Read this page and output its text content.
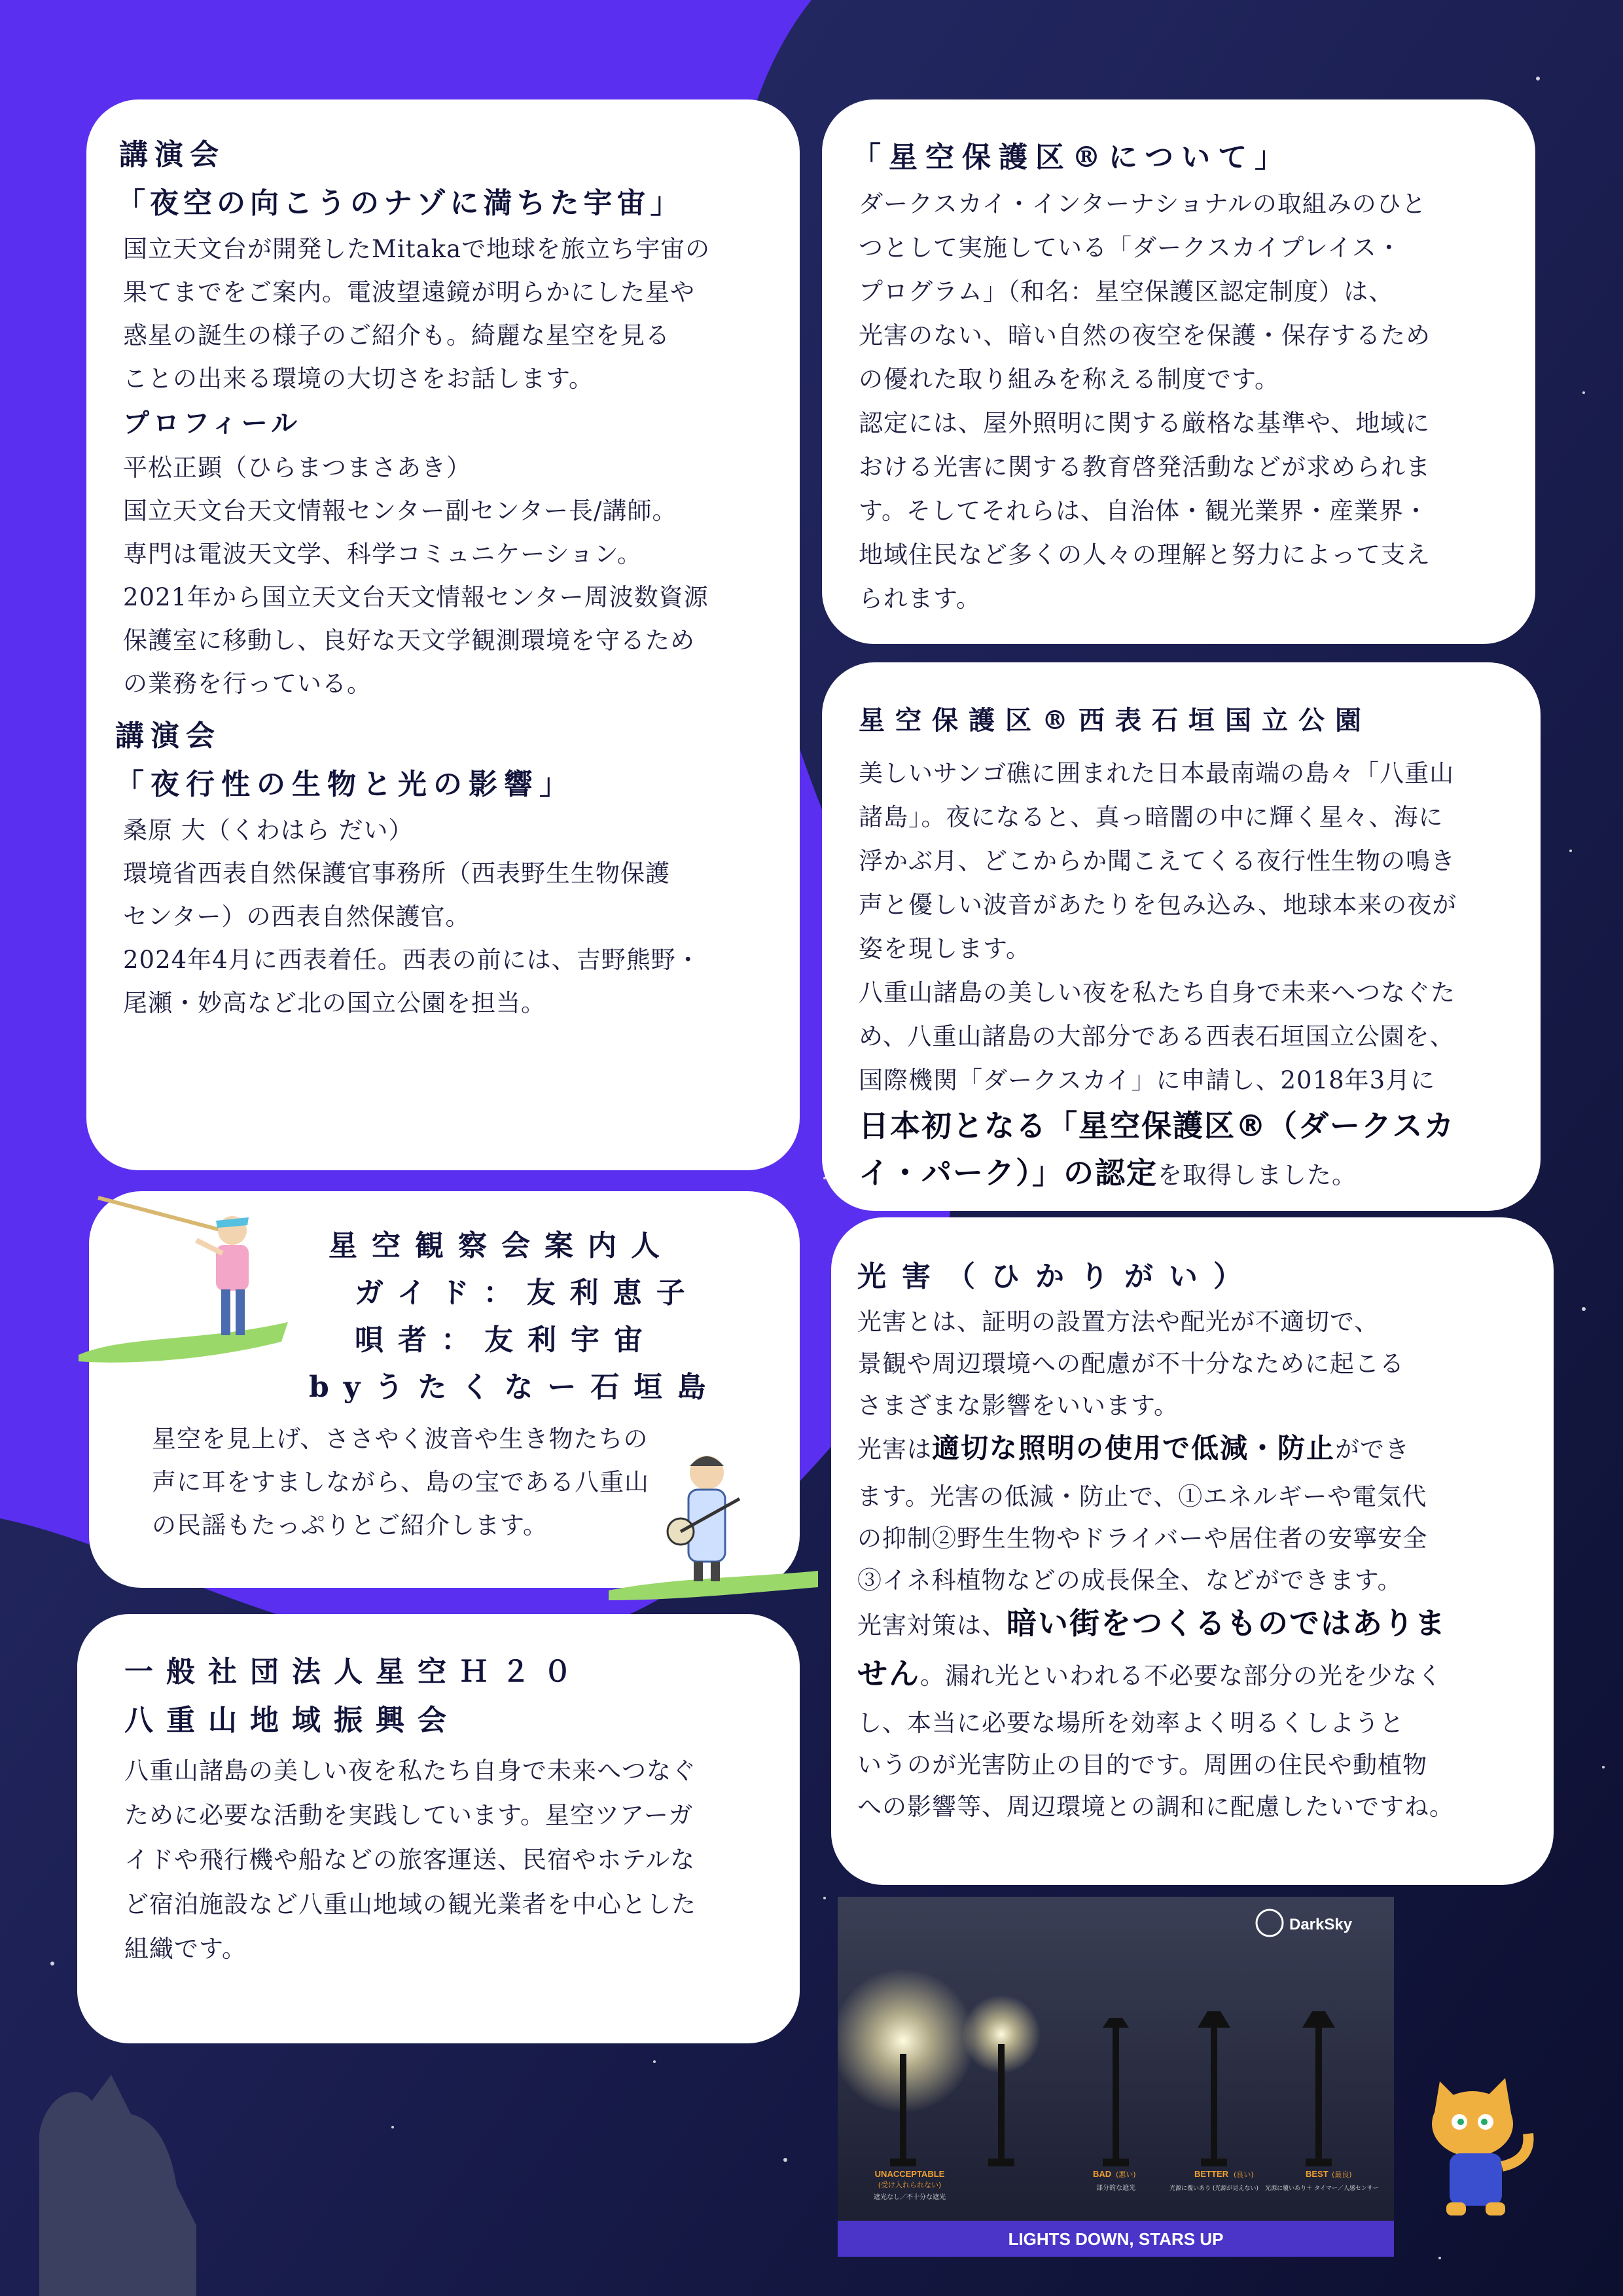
講演会
「夜空の向こうのナゾに満ちた宇宙」
国立天文台が開発したMitakaで地球を旅立ち宇宙の
果てまでをご案内。電波望遠鏡が明らかにした星や
惑星の誕生の様子のご紹介も。綺麗な星空を見る
ことの出来る環境の大切さをお話します。
プロフィール
平松正顕（ひらまつまさあき）
国立天文台天文情報センター副センター長/講師。
専門は電波天文学、科学コミュニケーション。
2021年から国立天文台天文情報センター周波数資源
保護室に移動し、良好な天文学観測環境を守るため
の業務を行っている。
講演会
「夜行性の生物と光の影響」
桑原 大（くわはら だい）
環境省西表自然保護官事務所（西表野生生物保護
センター）の西表自然保護官。
2024年4月に西表着任。西表の前には、吉野熊野・
尾瀬・妙高など北の国立公園を担当。
星空観察会案内人
ガイド：友利恵子
唄者：友利宇宙
byうたくなー石垣島
星空を見上げ、ささやく波音や生き物たちの
声に耳をすましながら、島の宝である八重山
の民謡もたっぷりとご紹介します。
一般社団法人星空Ｈ２０
八重山地域振興会
八重山諸島の美しい夜を私たち自身で未来へつなぐ
ために必要な活動を実践しています。星空ツアーガ
イドや飛行機や船などの旅客運送、民宿やホテルな
ど宿泊施設など八重山地域の観光業者を中心とした
組織です。
「星空保護区®について」
ダークスカイ・インターナショナルの取組みのひと
つとして実施している「ダークスカイプレイス・
プログラム」（和名：星空保護区認定制度）は、
光害のない、暗い自然の夜空を保護・保存するため
の優れた取り組みを称える制度です。
認定には、屋外照明に関する厳格な基準や、地域に
おける光害に関する教育啓発活動などが求められま
す。そしてそれらは、自治体・観光業界・産業界・
地域住民など多くの人々の理解と努力によって支え
られます。
星空保護区®西表石垣国立公園
美しいサンゴ礁に囲まれた日本最南端の島々「八重山
諸島」。夜になると、真っ暗闇の中に輝く星々、海に
浮かぶ月、どこからか聞こえてくる夜行性生物の鳴き
声と優しい波音があたりを包み込み、地球本来の夜が
姿を現します。
八重山諸島の美しい夜を私たち自身で未来へつなぐた
め、八重山諸島の大部分である西表石垣国立公園を、
国際機関「ダークスカイ」に申請し、2018年3月に
日本初となる「星空保護区®（ダークスカ
イ・パーク）」の認定を取得しました。
光害（ひかりがい）
光害とは、証明の設置方法や配光が不適切で、
景観や周辺環境への配慮が不十分なために起こる
さまざまな影響をいいます。
光害は適切な照明の使用で低減・防止ができ
ます。光害の低減・防止で、①エネルギーや電気代
の抑制②野生生物やドライバーや居住者の安寧安全
③イネ科植物などの成長保全、などができます。
光害対策は、暗い街をつくるものではありま
せん。漏れ光といわれる不必要な部分の光を少なく
し、本当に必要な場所を効率よく明るくしようと
いうのが光害防止の目的です。周囲の住民や動植物
への影響等、周辺環境との調和に配慮したいですね。
DarkSky
UNACCEPTABLE
(受け入れられない)
遮光なし／不十分な遮光
BAD (悪い)
部分的な遮光
BETTER (良い)
光源に覆いあり (光源が見えない)
BEST (最良)
光源に覆いあり＋ タイマー／人感センサー
LIGHTS DOWN, STARS UP
